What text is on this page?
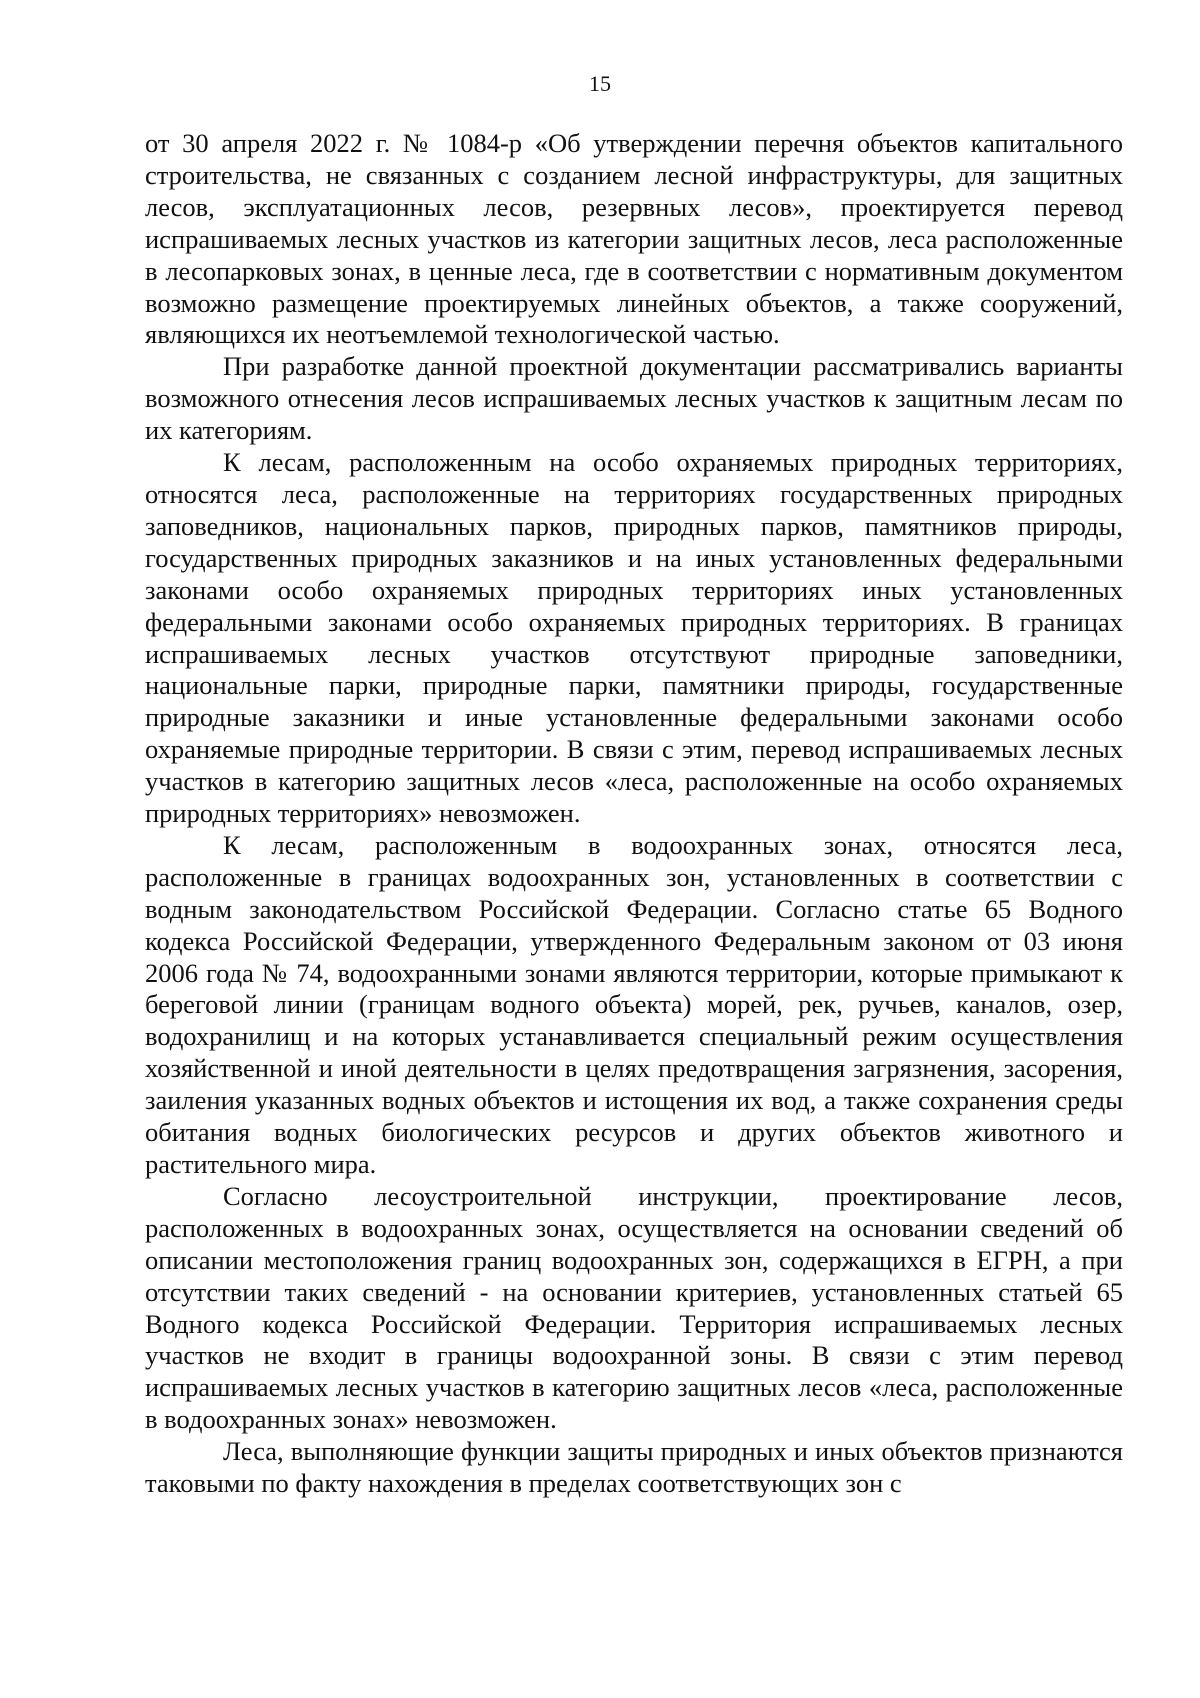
15

от 30 апреля 2022 г. № 1084-р «Об утверждении перечня объектов капитального строительства, не связанных с созданием лесной инфраструктуры, для защитных лесов, эксплуатационных лесов, резервных лесов», проектируется перевод испрашиваемых лесных участков из категории защитных лесов, леса расположенные в лесопарковых зонах, в ценные леса, где в соответствии с нормативным документом возможно размещение проектируемых линейных объектов, а также сооружений, являющихся их неотъемлемой технологической частью.

При разработке данной проектной документации рассматривались варианты возможного отнесения лесов испрашиваемых лесных участков к защитным лесам по их категориям.

К лесам, расположенным на особо охраняемых природных территориях, относятся леса, расположенные на территориях государственных природных заповедников, национальных парков, природных парков, памятников природы, государственных природных заказников и на иных установленных федеральными законами особо охраняемых природных территориях иных установленных федеральными законами особо охраняемых природных территориях. В границах испрашиваемых лесных участков отсутствуют природные заповедники, национальные парки, природные парки, памятники природы, государственные природные заказники и иные установленные федеральными законами особо охраняемые природные территории. В связи с этим, перевод испрашиваемых лесных участков в категорию защитных лесов «леса, расположенные на особо охраняемых природных территориях» невозможен.

К лесам, расположенным в водоохранных зонах, относятся леса, расположенные в границах водоохранных зон, установленных в соответствии с водным законодательством Российской Федерации. Согласно статье 65 Водного кодекса Российской Федерации, утвержденного Федеральным законом от 03 июня 2006 года № 74, водоохранными зонами являются территории, которые примыкают к береговой линии (границам водного объекта) морей, рек, ручьев, каналов, озер, водохранилищ и на которых устанавливается специальный режим осуществления хозяйственной и иной деятельности в целях предотвращения загрязнения, засорения, заиления указанных водных объектов и истощения их вод, а также сохранения среды обитания водных биологических ресурсов и других объектов животного и растительного мира.

Согласно лесоустроительной инструкции, проектирование лесов, расположенных в водоохранных зонах, осуществляется на основании сведений об описании местоположения границ водоохранных зон, содержащихся в ЕГРН, а при отсутствии таких сведений - на основании критериев, установленных статьей 65 Водного кодекса Российской Федерации. Территория испрашиваемых лесных участков не входит в границы водоохранной зоны. В связи с этим перевод испрашиваемых лесных участков в категорию защитных лесов «леса, расположенные в водоохранных зонах» невозможен.

Леса, выполняющие функции защиты природных и иных объектов признаются таковыми по факту нахождения в пределах соответствующих зон с
